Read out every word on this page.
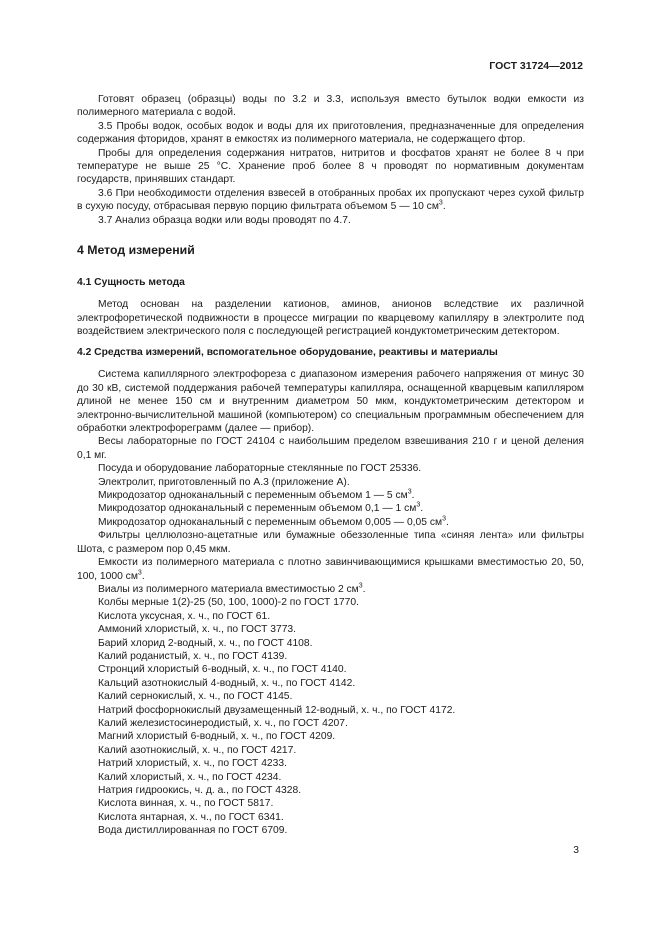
ГОСТ 31724—2012

Готовят образец (образцы) воды по 3.2 и 3.3, используя вместо бутылок водки емкости из полимерного материала с водой.

3.5 Пробы водок, особых водок и воды для их приготовления, предназначенные для определения содержания фторидов, хранят в емкостях из полимерного материала, не содержащего фтор.

Пробы для определения содержания нитратов, нитритов и фосфатов хранят не более 8 ч при температуре не выше 25 °С. Хранение проб более 8 ч проводят по нормативным документам государств, принявших стандарт.

3.6 При необходимости отделения взвесей в отобранных пробах их пропускают через сухой фильтр в сухую посуду, отбрасывая первую порцию фильтрата объемом 5 — 10 $см^3$.

3.7 Анализ образца водки или воды проводят по 4.7.

4 Метод измерений

4.1 Сущность метода

Метод основан на разделении катионов, аминов, анионов вследствие их различной электрофоретической подвижности в процессе миграции по кварцевому капилляру в электролите под воздействием электрического поля с последующей регистрацией кондуктометрическим детектором.

4.2 Средства измерений, вспомогательное оборудование, реактивы и материалы

Система капиллярного электрофореза с диапазоном измерения рабочего напряжения от минус 30 до 30 кВ, системой поддержания рабочей температуры капилляра, оснащенной кварцевым капилляром длиной не менее 150 см и внутренним диаметром 50 мкм, кондуктометрическим детектором и электронно-вычислительной машиной (компьютером) со специальным программным обеспечением для обработки электрофореграмм (далее — прибор).

Весы лабораторные по ГОСТ 24104 с наибольшим пределом взвешивания 210 г и ценой деления 0,1 мг.

Посуда и оборудование лабораторные стеклянные по ГОСТ 25336.

Электролит, приготовленный по А.3 (приложение А).

Микродозатор одноканальный с переменным объемом 1 — 5 $см^3$.

Микродозатор одноканальный с переменным объемом 0,1 — 1 $см^3$.

Микродозатор одноканальный с переменным объемом 0,005 — 0,05 $см^3$.

Фильтры целлюлозно-ацетатные или бумажные обеззоленные типа «синяя лента» или фильтры Шота, с размером пор 0,45 мкм.

Емкости из полимерного материала с плотно завинчивающимися крышками вместимостью 20, 50, 100, 1000 $см^3$.

Виалы из полимерного материала вместимостью 2 $см^3$.

Колбы мерные 1(2)-25 (50, 100, 1000)-2 по ГОСТ 1770.

Кислота уксусная, х. ч., по ГОСТ 61.

Аммоний хлористый, х. ч., по ГОСТ 3773.

Барий хлорид 2-водный, х. ч., по ГОСТ 4108.

Калий роданистый, х. ч., по ГОСТ 4139.

Стронций хлористый 6-водный, х. ч., по ГОСТ 4140.

Кальций азотнокислый 4-водный, х. ч., по ГОСТ 4142.

Калий сернокислый, х. ч., по ГОСТ 4145.

Натрий фосфорнокислый двузамещенный 12-водный, х. ч., по ГОСТ 4172.

Калий железистосинеродистый, х. ч., по ГОСТ 4207.

Магний хлористый 6-водный, х. ч., по ГОСТ 4209.

Калий азотнокислый, х. ч., по ГОСТ 4217.

Натрий хлористый, х. ч., по ГОСТ 4233.

Калий хлористый, х. ч., по ГОСТ 4234.

Натрия гидроокись, ч. д. а., по ГОСТ 4328.

Кислота винная, х. ч., по ГОСТ 5817.

Кислота янтарная, х. ч., по ГОСТ 6341.

Вода дистиллированная по ГОСТ 6709.

3
